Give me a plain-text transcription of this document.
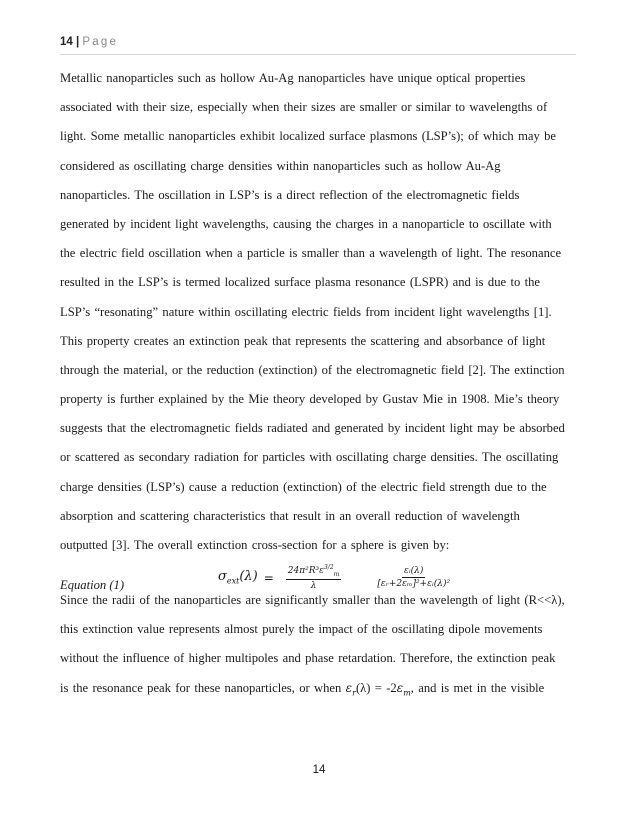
14 | Page
Metallic nanoparticles such as hollow Au-Ag nanoparticles have unique optical properties
associated with their size, especially when their sizes are smaller or similar to wavelengths of
light. Some metallic nanoparticles exhibit localized surface plasmons (LSP’s); of which may be
considered as oscillating charge densities within nanoparticles such as hollow Au-Ag
nanoparticles. The oscillation in LSP’s is a direct reflection of the electromagnetic fields
generated by incident light wavelengths, causing the charges in a nanoparticle to oscillate with
the electric field oscillation when a particle is smaller than a wavelength of light. The resonance
resulted in the LSP’s is termed localized surface plasma resonance (LSPR) and is due to the
LSP’s “resonating” nature within oscillating electric fields from incident light wavelengths [1].
This property creates an extinction peak that represents the scattering and absorbance of light
through the material, or the reduction (extinction) of the electromagnetic field [2]. The extinction
property is further explained by the Mie theory developed by Gustav Mie in 1908. Mie’s theory
suggests that the electromagnetic fields radiated and generated by incident light may be absorbed
or scattered as secondary radiation for particles with oscillating charge densities. The oscillating
charge densities (LSP’s) cause a reduction (extinction) of the electric field strength due to the
absorption and scattering characteristics that result in an overall reduction of wavelength
outputted [3]. The overall extinction cross-section for a sphere is given by:
Equation (1)
$\sigma_{ext}(\lambda) = \frac{24\pi^2R^3\varepsilon^{3/2}_m}{\lambda}$	$\frac{\text{εᵢ(λ)}}{\text{[εᵣ+2εₘ]²+εᵢ(λ)²}}$
Since the radii of the nanoparticles are significantly smaller than the wavelength of light (R<<λ),
this extinction value represents almost purely the impact of the oscillating dipole movements
without the influence of higher multipoles and phase retardation. Therefore, the extinction peak
is the resonance peak for these nanoparticles, or when $\varepsilon_r(\lambda) = -2\varepsilon_m$, and is met in the visible
14
